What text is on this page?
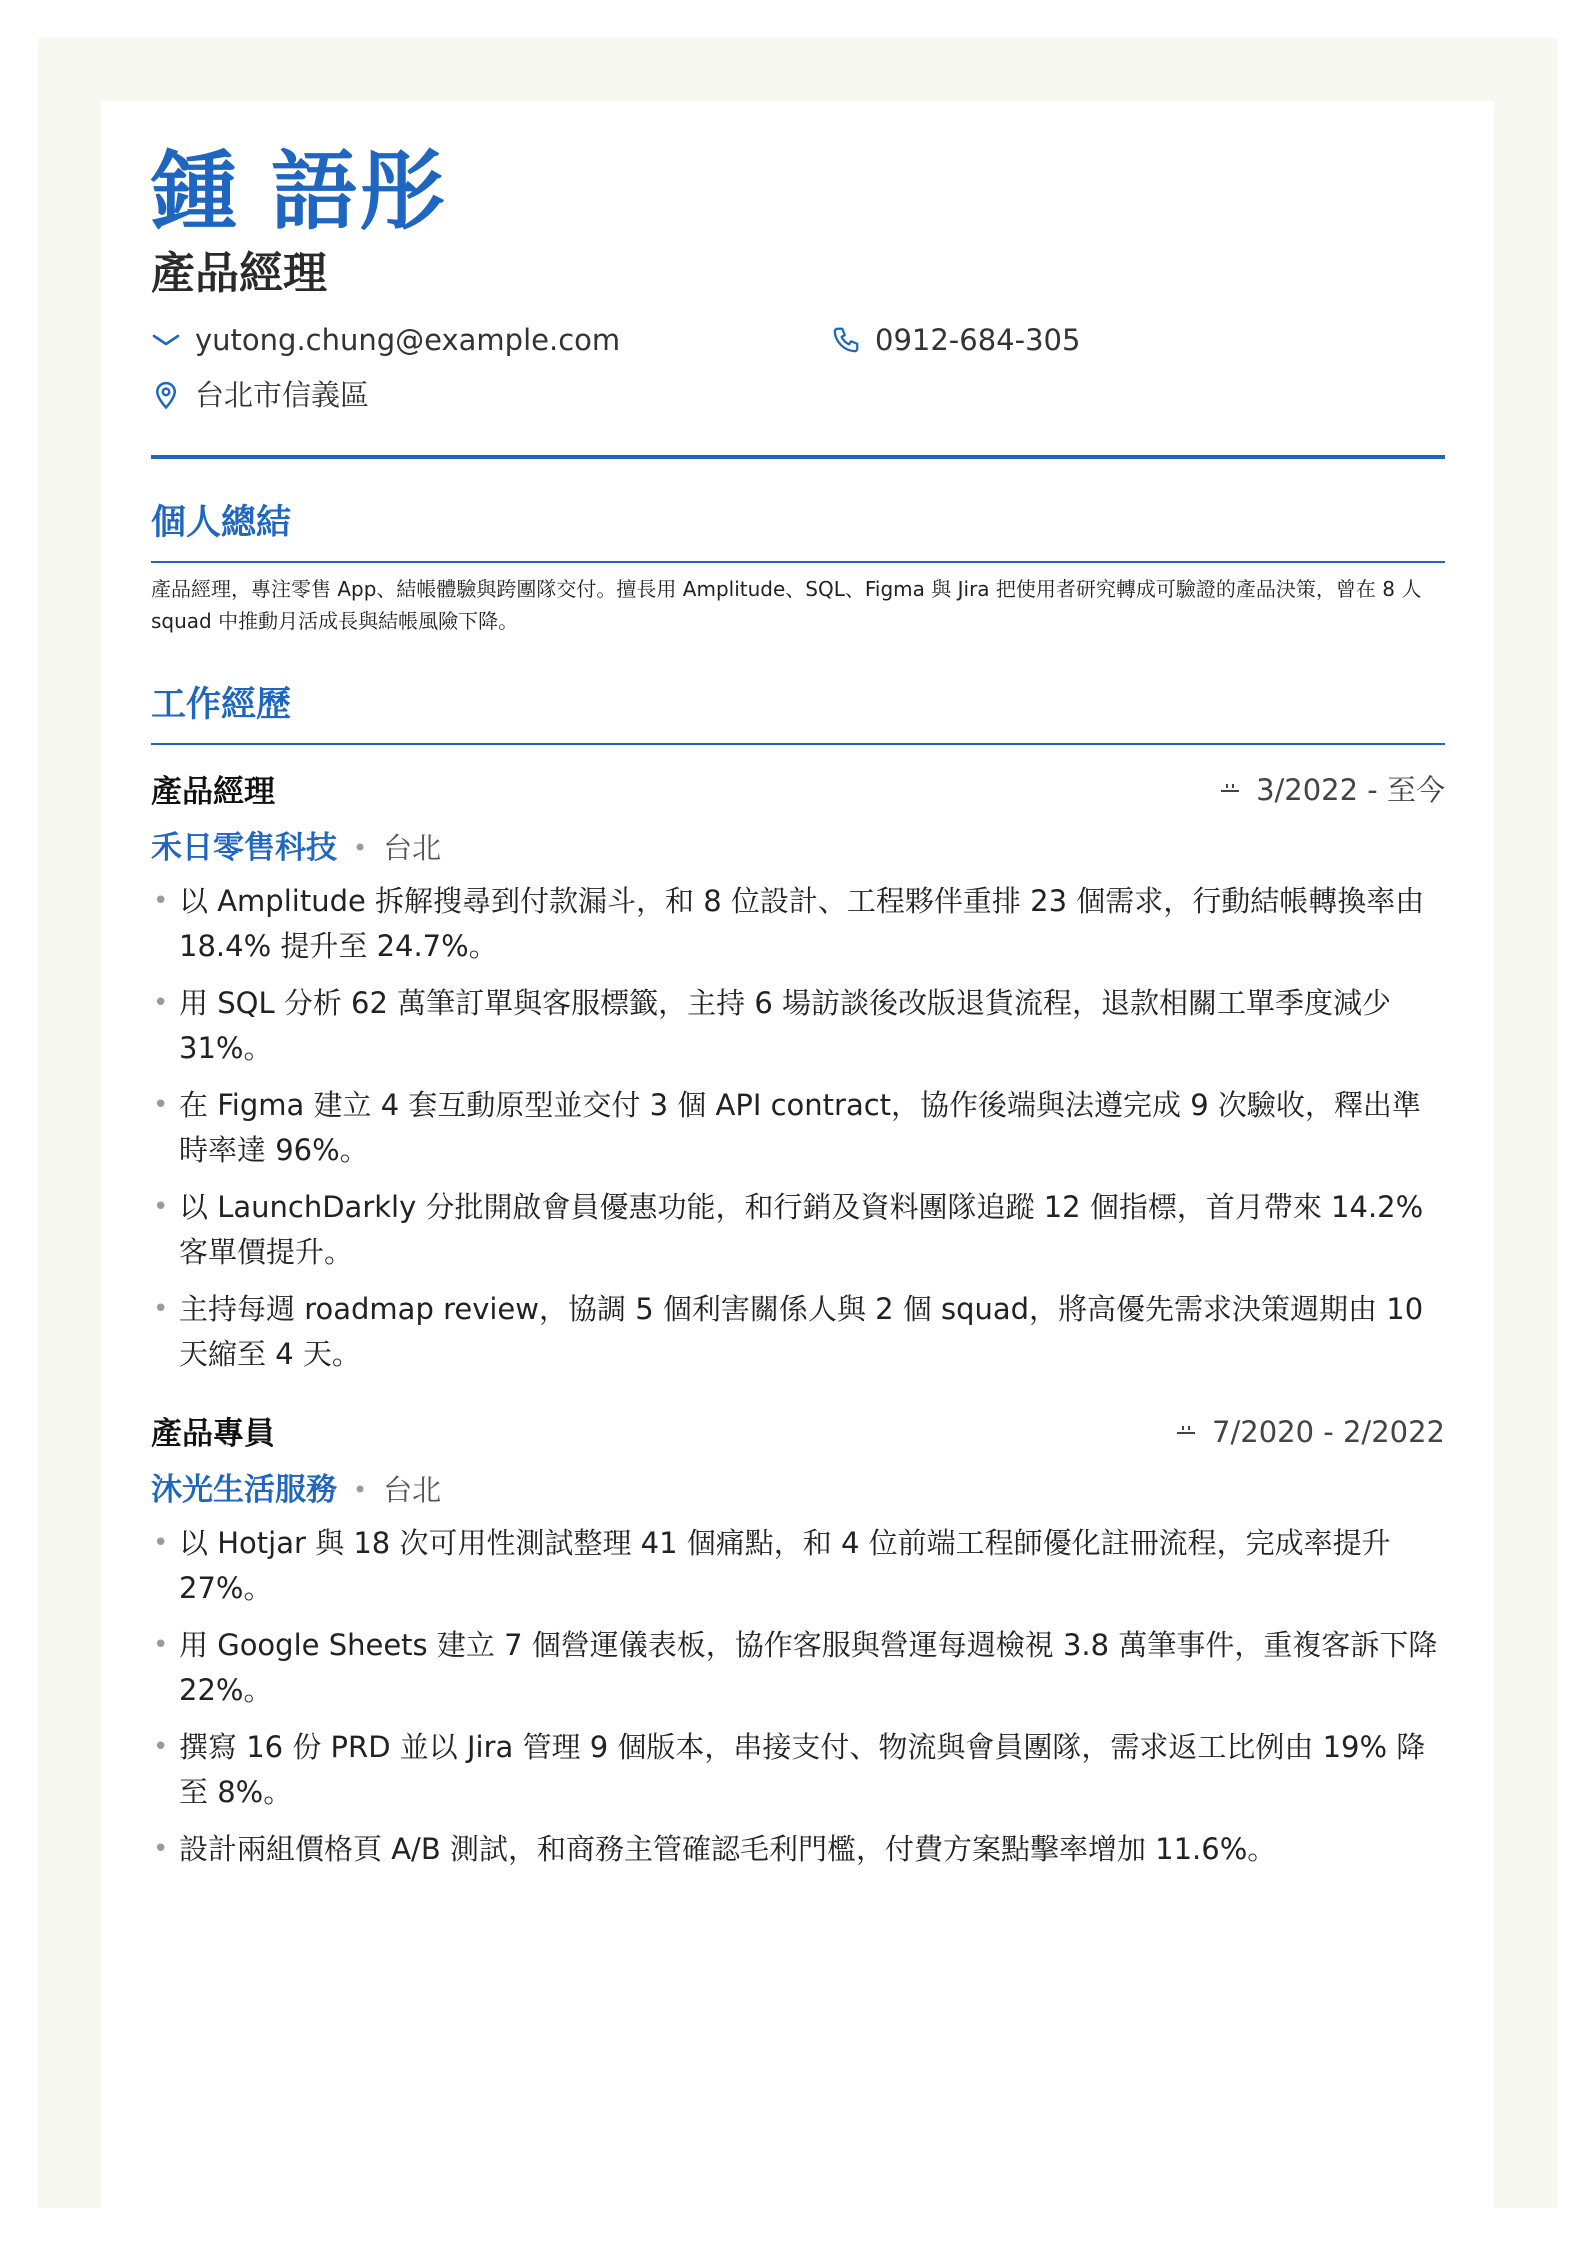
鍾 語彤
產品經理
yutong.chung@example.com	0912-684-305
台北市信義區
個人總結
產品經理，專注零售 App、結帳體驗與跨團隊交付。擅長用 Amplitude、SQL、Figma 與 Jira 把使用者研究轉成可驗證的產品決策，曾在 8 人 squad 中推動月活成長與結帳風險下降。
工作經歷
產品經理	3/2022 - 至今
禾日零售科技 • 台北
• 以 Amplitude 拆解搜尋到付款漏斗，和 8 位設計、工程夥伴重排 23 個需求，行動結帳轉換率由 18.4% 提升至 24.7%。
• 用 SQL 分析 62 萬筆訂單與客服標籤，主持 6 場訪談後改版退貨流程，退款相關工單季度減少 31%。
• 在 Figma 建立 4 套互動原型並交付 3 個 API contract，協作後端與法遵完成 9 次驗收，釋出準時率達 96%。
• 以 LaunchDarkly 分批開啟會員優惠功能，和行銷及資料團隊追蹤 12 個指標，首月帶來 14.2% 客單價提升。
• 主持每週 roadmap review，協調 5 個利害關係人與 2 個 squad，將高優先需求決策週期由 10 天縮至 4 天。
產品專員	7/2020 - 2/2022
沐光生活服務 • 台北
• 以 Hotjar 與 18 次可用性測試整理 41 個痛點，和 4 位前端工程師優化註冊流程，完成率提升 27%。
• 用 Google Sheets 建立 7 個營運儀表板，協作客服與營運每週檢視 3.8 萬筆事件，重複客訴下降 22%。
• 撰寫 16 份 PRD 並以 Jira 管理 9 個版本，串接支付、物流與會員團隊，需求返工比例由 19% 降至 8%。
• 設計兩組價格頁 A/B 測試，和商務主管確認毛利門檻，付費方案點擊率增加 11.6%。
